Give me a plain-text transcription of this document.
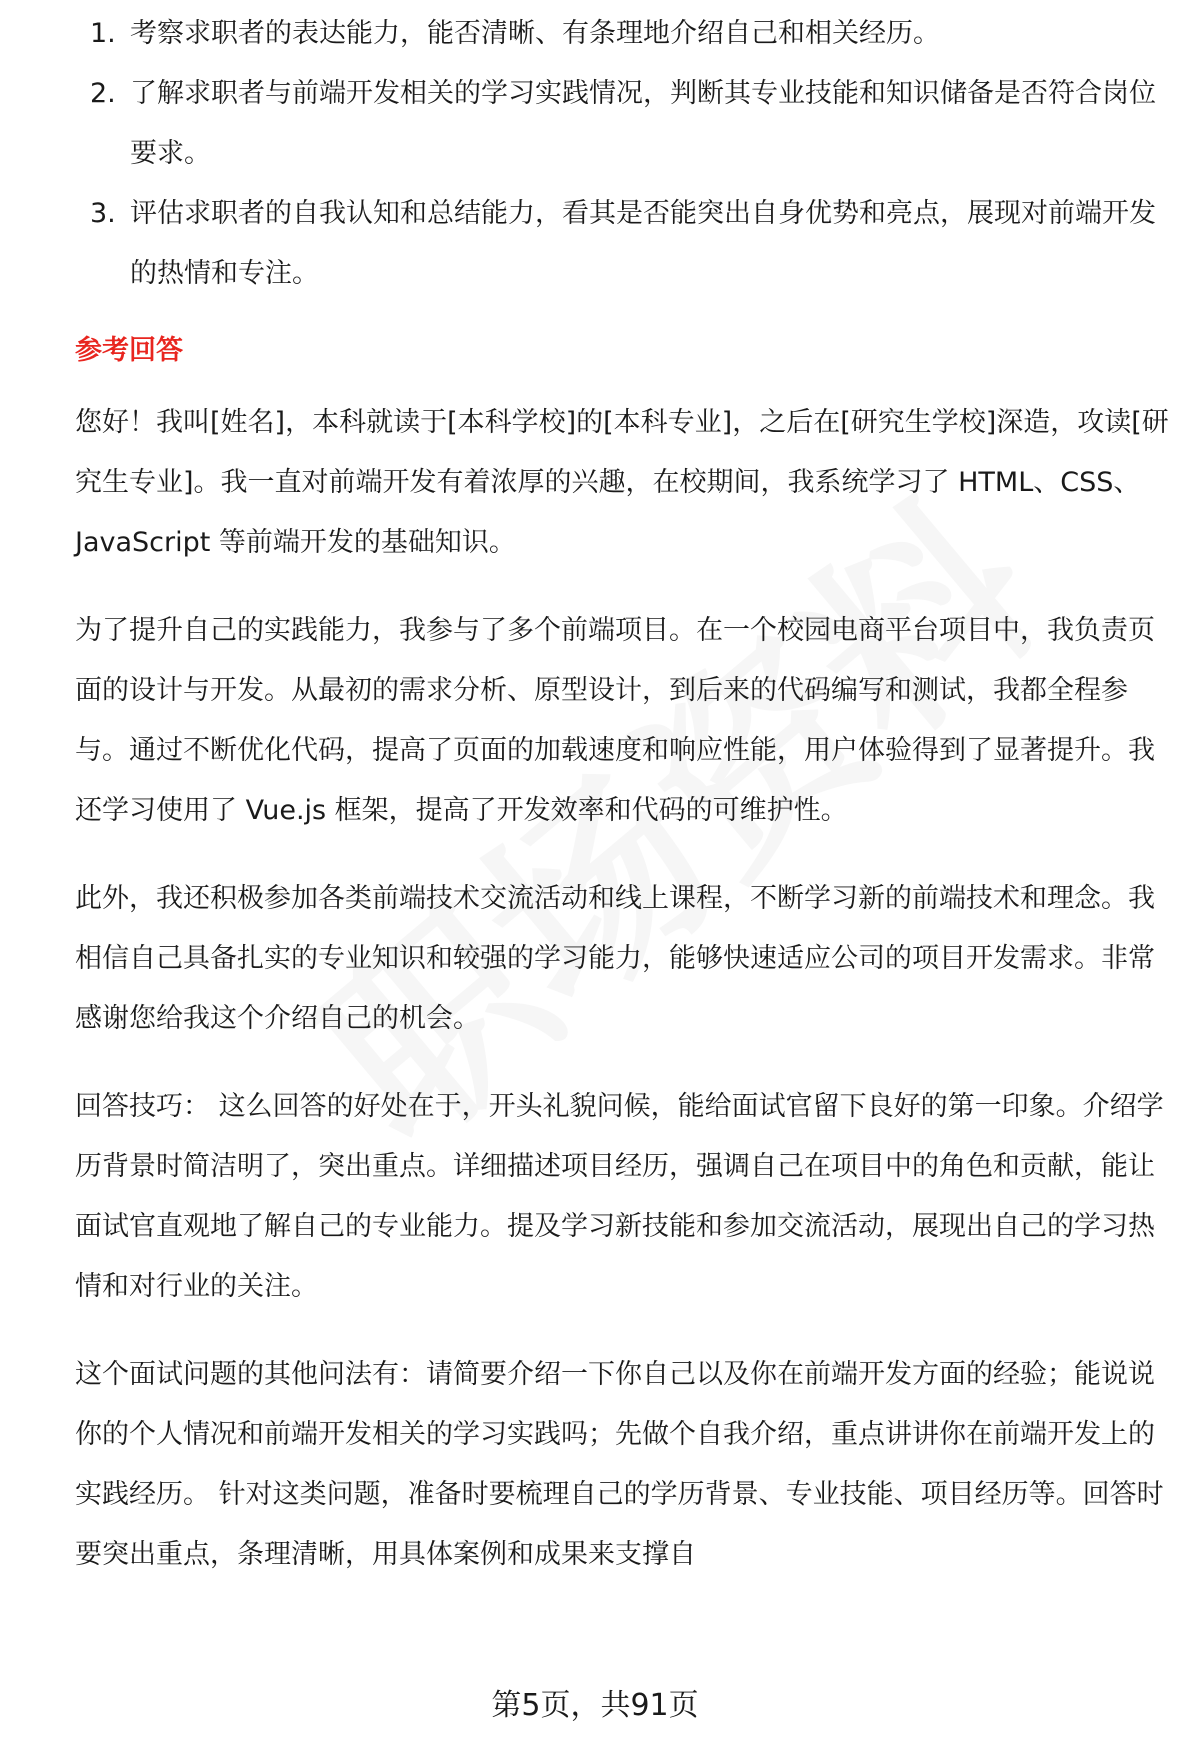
1. 考察求职者的表达能力，能否清晰、有条理地介绍自己和相关经历。
2. 了解求职者与前端开发相关的学习实践情况，判断其专业技能和知识储备是否符合岗位要求。
3. 评估求职者的自我认知和总结能力，看其是否能突出自身优势和亮点，展现对前端开发的热情和专注。
参考回答

您好！我叫[姓名]，本科就读于[本科学校]的[本科专业]，之后在[研究生学校]深造，攻读[研究生专业]。我一直对前端开发有着浓厚的兴趣，在校期间，我系统学习了 HTML、CSS、JavaScript 等前端开发的基础知识。

为了提升自己的实践能力，我参与了多个前端项目。在一个校园电商平台项目中，我负责页面的设计与开发。从最初的需求分析、原型设计，到后来的代码编写和测试，我都全程参与。通过不断优化代码，提高了页面的加载速度和响应性能，用户体验得到了显著提升。我还学习使用了 Vue.js 框架，提高了开发效率和代码的可维护性。

此外，我还积极参加各类前端技术交流活动和线上课程，不断学习新的前端技术和理念。我相信自己具备扎实的专业知识和较强的学习能力，能够快速适应公司的项目开发需求。非常感谢您给我这个介绍自己的机会。

回答技巧： 这么回答的好处在于，开头礼貌问候，能给面试官留下良好的第一印象。介绍学历背景时简洁明了，突出重点。详细描述项目经历，强调自己在项目中的角色和贡献，能让面试官直观地了解自己的专业能力。提及学习新技能和参加交流活动，展现出自己的学习热情和对行业的关注。

这个面试问题的其他问法有：请简要介绍一下你自己以及你在前端开发方面的经验；能说说你的个人情况和前端开发相关的学习实践吗；先做个自我介绍，重点讲讲你在前端开发上的实践经历。 针对这类问题，准备时要梳理自己的学历背景、专业技能、项目经历等。回答时要突出重点，条理清晰，用具体案例和成果来支撑自

第5页，共91页
